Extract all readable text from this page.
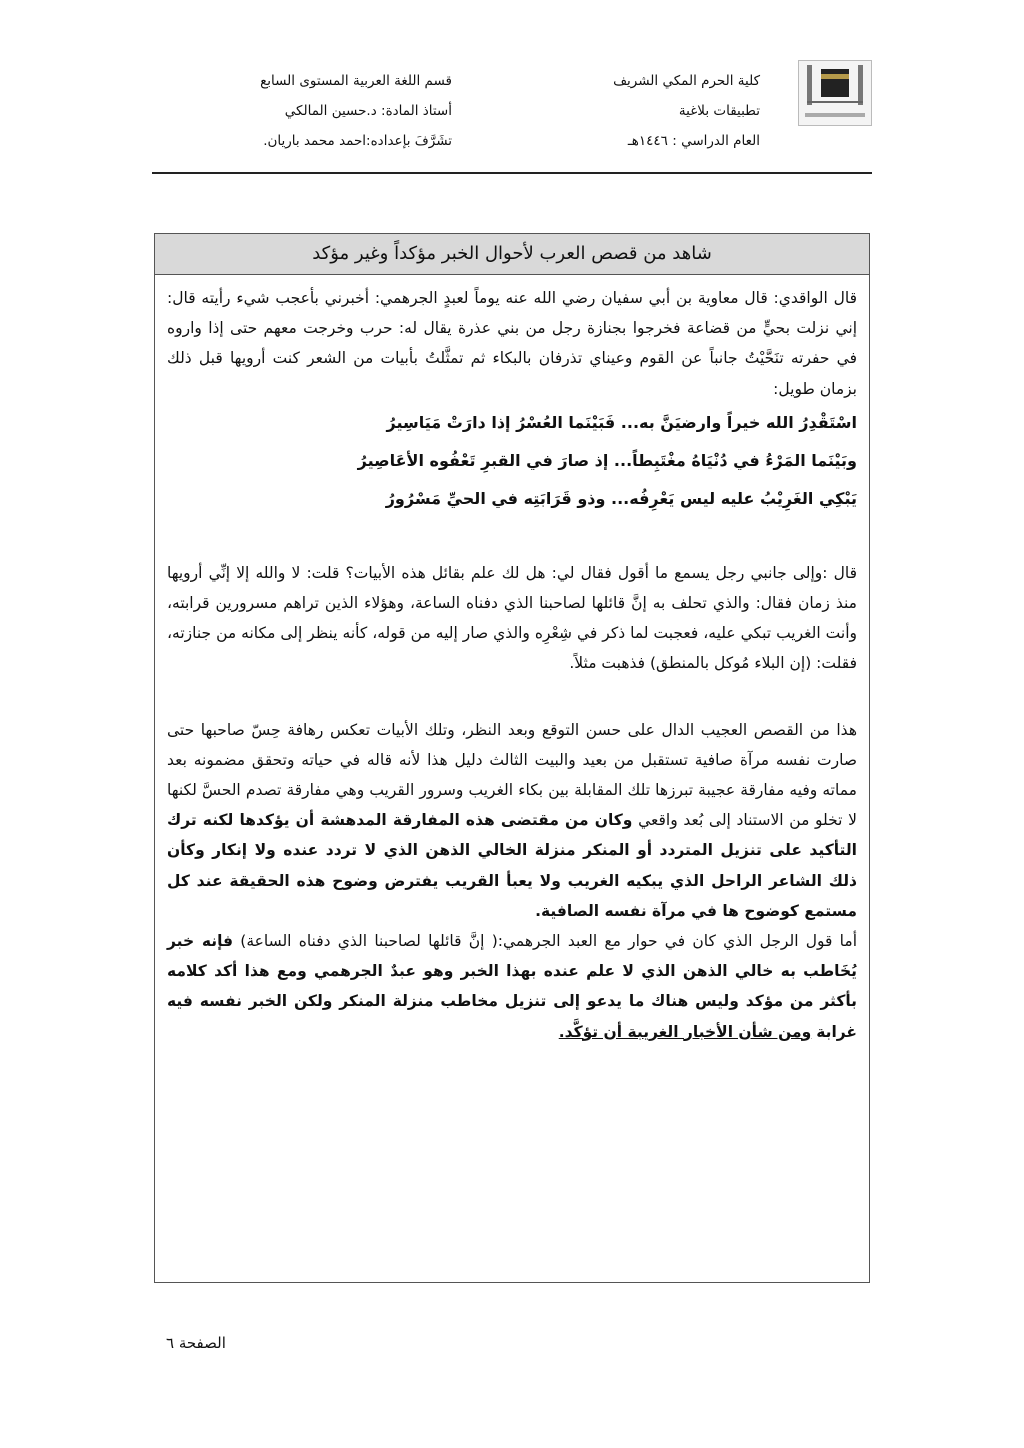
كلية الحرم المكي الشريف
تطبيقات بلاغية
العام الدراسي : ١٤٤٦هـ
قسم اللغة العربية المستوى السابع
أستاذ المادة: د.حسين المالكي
تشَرَّفَ بإعداده:احمد محمد باريان.
شاهد من قصص العرب لأحوال الخبر مؤكداً وغير مؤكد

قال الواقدي: قال معاوية بن أبي سفيان رضي الله عنه يوماً لعبدٍ الجرهمي: أخبرني بأعجب شيء رأيته قال: إني نزلت بحيٍّ من قضاعة فخرجوا بجنازة رجل من بني عذرة يقال له: حرب وخرجت معهم حتى إذا واروه في حفرته تنَحَّيْتُ جانباً عن القوم وعيناي تذرفان بالبكاء ثم تمثَّلتُ بأبيات من الشعر كنت أرويها قبل ذلك بزمان طويل:

اسْتَقْدِرُ الله خيراً وارضيَنَّ به... فَبَيْنَما العُسْرُ إذا دارَتْ مَيَاسِيرُ

وبَيْنَما المَرْءُ في دُنْيَاهُ مغْتَبِطاً... إذ صارَ في القبرِ تَعْفُوه الأعَاصِيرُ

يَبْكِي الغَرِيْبُ عليه ليس يَعْرِفُه... وذو قَرَابَتِه في الحيِّ مَسْرُورُ

قال :وإلى جانبي رجل يسمع ما أقول فقال لي: هل لك علم بقائل هذه الأبيات؟ قلت: لا والله إلا إنِّي أرويها منذ زمان فقال: والذي تحلف به إنَّ قائلها لصاحبنا الذي دفناه الساعة، وهؤلاء الذين تراهم مسرورين قرابته، وأنت الغريب تبكي عليه، فعجبت لما ذكر في شِعْرِه والذي صار إليه من قوله، كأنه ينظر إلى مكانه من جنازته، فقلت: (إن البلاء مُوكل بالمنطق) فذهبت مثلاً.

هذا من القصص العجيب الدال على حسن التوقع وبعد النظر، وتلك الأبيات تعكس رهافة حِسّ صاحبها حتى صارت نفسه مرآة صافية تستقبل من بعيد والبيت الثالث دليل هذا لأنه قاله في حياته وتحقق مضمونه بعد مماته وفيه مفارقة عجيبة تبرزها تلك المقابلة بين بكاء الغريب وسرور القريب وهي مفارقة تصدم الحسَّ لكنها لا تخلو من الاستناد إلى بُعد واقعي وكان من مقتضى هذه المفارقة المدهشة أن يؤكدها لكنه ترك التأكيد على تنزيل المتردد أو المنكر منزلة الخالي الذهن الذي لا تردد عنده ولا إنكار وكأن ذلك الشاعر الراحل الذي يبكيه الغريب ولا يعبأ القريب يفترض وضوح هذه الحقيقة عند كل مستمع كوضوح ها في مرآة نفسه الصافية.

أما قول الرجل الذي كان في حوار مع العبد الجرهمي:( إنَّ قائلها لصاحبنا الذي دفناه الساعة) فإنه خبر يُخَاطب به خالي الذهن الذي لا علم عنده بهذا الخبر وهو عبدٌ الجرهمي ومع هذا أكد كلامه بأكثر من مؤكد وليس هناك ما يدعو إلى تنزيل مخاطب منزلة المنكر ولكن الخبر نفسه فيه غرابة ومن شأن الأخبار الغريبة أن تؤكَّد.

الصفحة ٦
